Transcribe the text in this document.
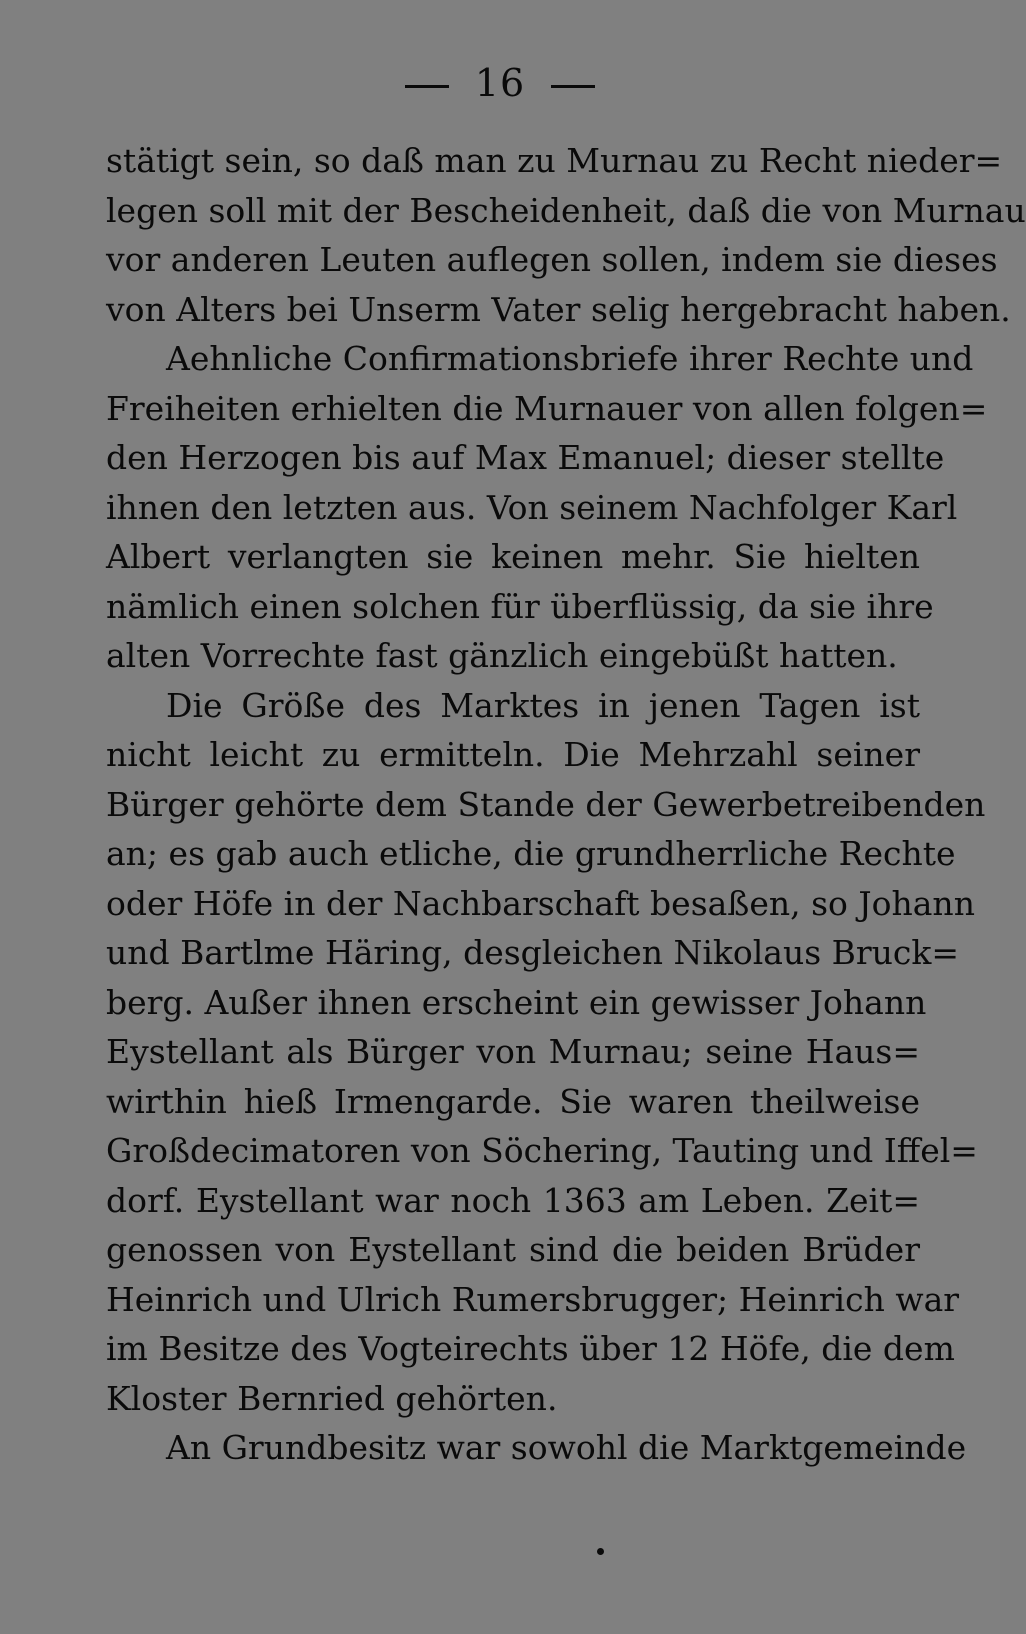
16
stätigt sein, so daß man zu Murnau zu Recht nieder=
legen soll mit der Bescheidenheit, daß die von Murnau
vor anderen Leuten auflegen sollen, indem sie dieses
von Alters bei Unserm Vater selig hergebracht haben.
Aehnliche Confirmationsbriefe ihrer Rechte und
Freiheiten erhielten die Murnauer von allen folgen=
den Herzogen bis auf Max Emanuel; dieser stellte
ihnen den letzten aus. Von seinem Nachfolger Karl
Albert verlangten sie keinen mehr. Sie hielten
nämlich einen solchen für überflüssig, da sie ihre
alten Vorrechte fast gänzlich eingebüßt hatten.
Die Größe des Marktes in jenen Tagen ist
nicht leicht zu ermitteln. Die Mehrzahl seiner
Bürger gehörte dem Stande der Gewerbetreibenden
an; es gab auch etliche, die grundherrliche Rechte
oder Höfe in der Nachbarschaft besaßen, so Johann
und Bartlme Häring, desgleichen Nikolaus Bruck=
berg. Außer ihnen erscheint ein gewisser Johann
Eystellant als Bürger von Murnau; seine Haus=
wirthin hieß Irmengarde. Sie waren theilweise
Großdecimatoren von Söchering, Tauting und Iffel=
dorf. Eystellant war noch 1363 am Leben. Zeit=
genossen von Eystellant sind die beiden Brüder
Heinrich und Ulrich Rumersbrugger; Heinrich war
im Besitze des Vogteirechts über 12 Höfe, die dem
Kloster Bernried gehörten.
An Grundbesitz war sowohl die Marktgemeinde
